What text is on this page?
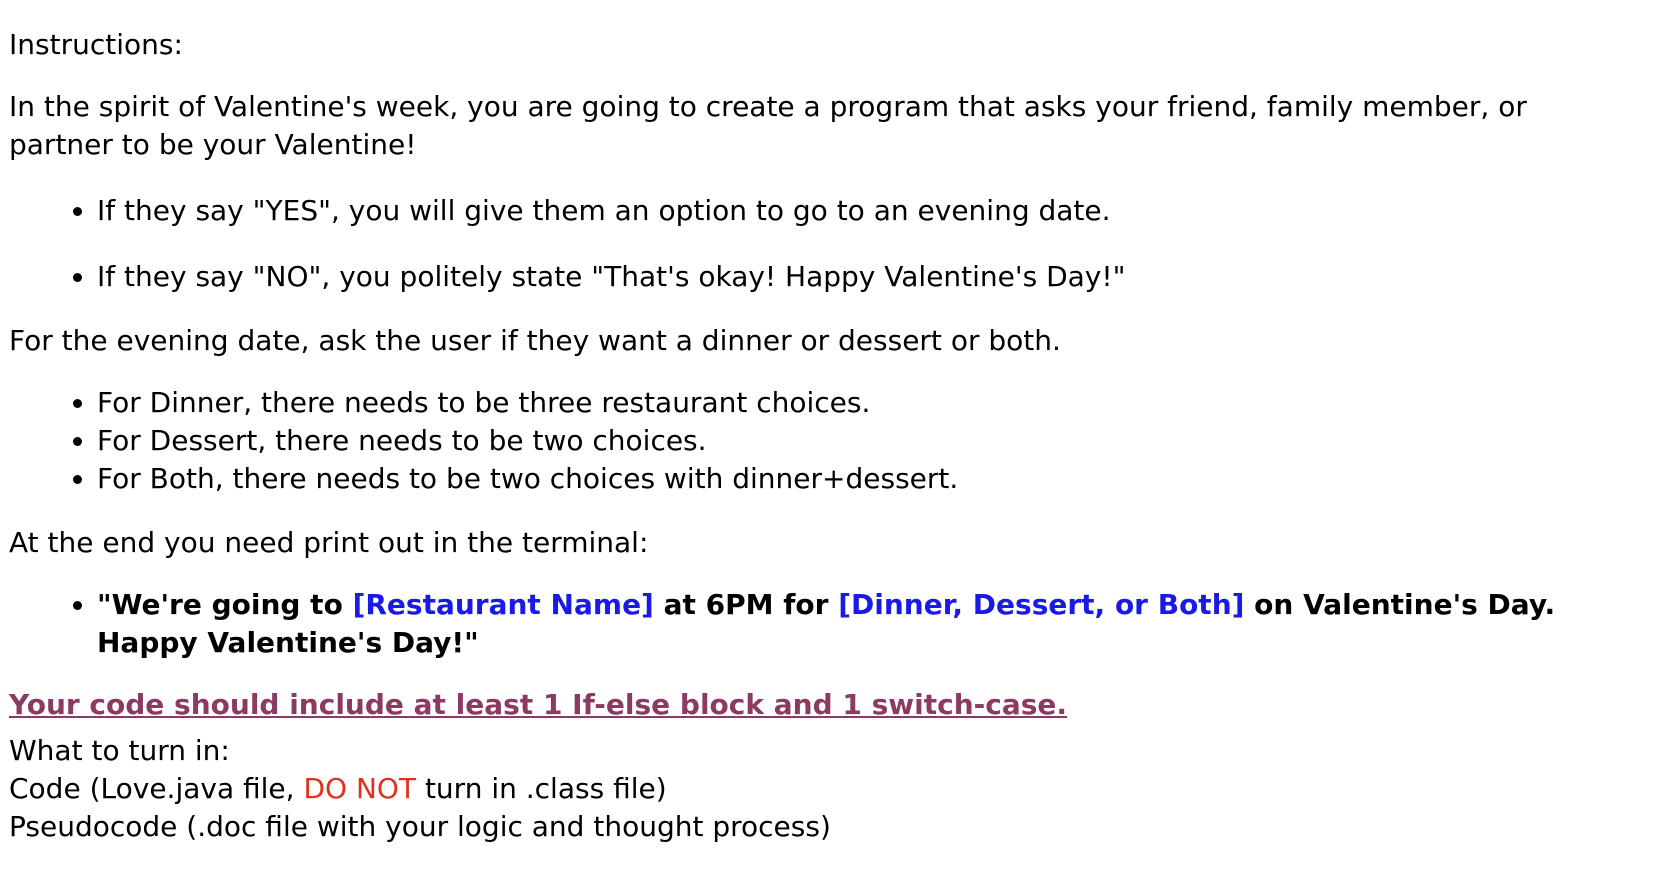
Instructions:

In the spirit of Valentine's week, you are going to create a program that asks your friend, family member, or partner to be your Valentine!

• If they say "YES", you will give them an option to go to an evening date.
• If they say "NO", you politely state "That's okay! Happy Valentine's Day!"

For the evening date, ask the user if they want a dinner or dessert or both.

• For Dinner, there needs to be three restaurant choices.
• For Dessert, there needs to be two choices.
• For Both, there needs to be two choices with dinner+dessert.

At the end you need print out in the terminal:

• "We're going to [Restaurant Name] at 6PM for [Dinner, Dessert, or Both] on Valentine's Day. Happy Valentine's Day!"

Your code should include at least 1 If-else block and 1 switch-case.

What to turn in:

Code (Love.java file, DO NOT turn in .class file)

Pseudocode (.doc file with your logic and thought process)
